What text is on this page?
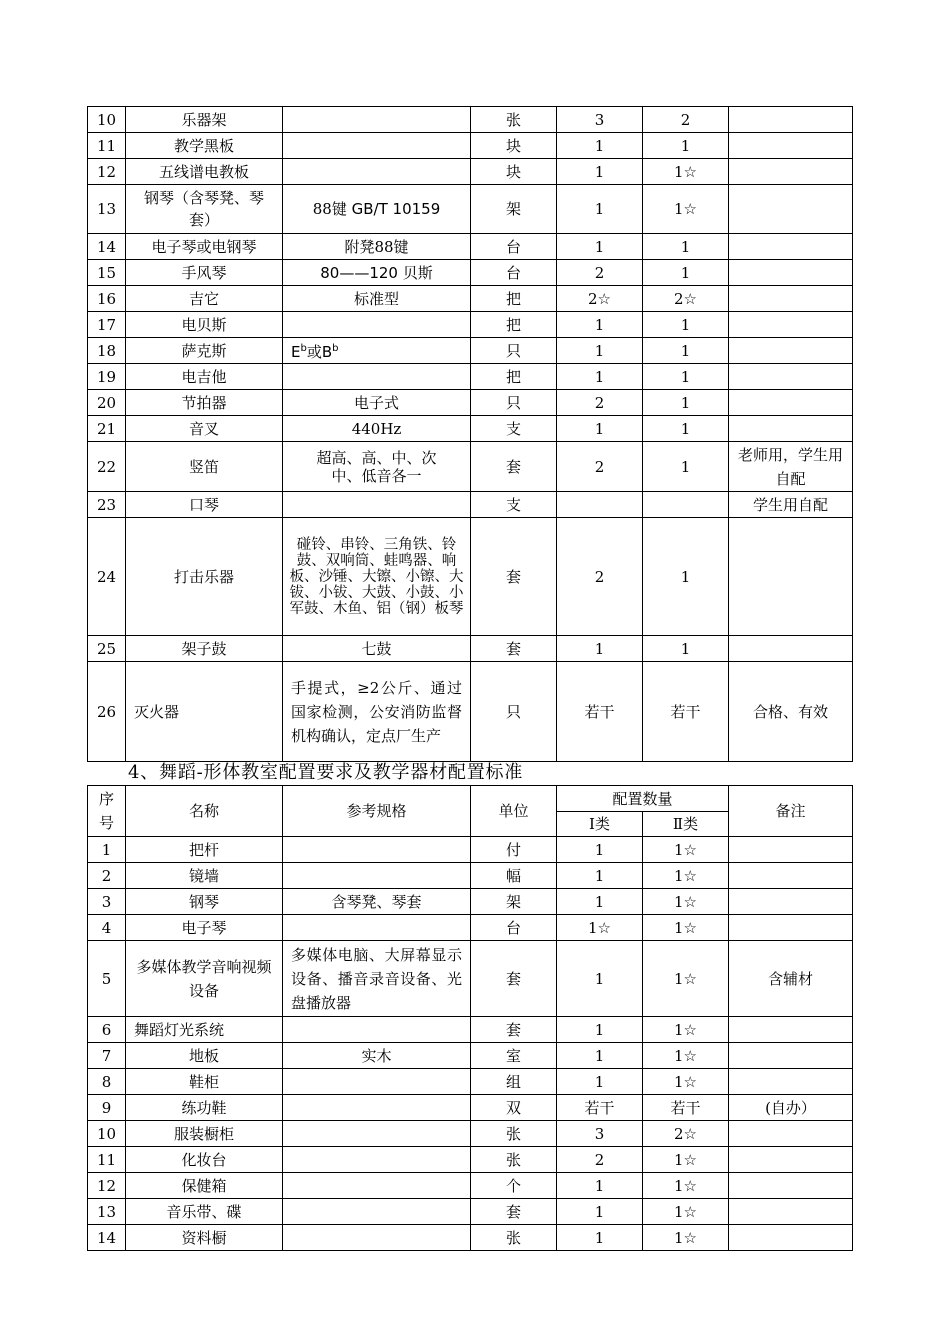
10	乐器架		张	3	2	
11	教学黑板		块	1	1	
12	五线谱电教板		块	1	1☆	
13	钢琴（含琴凳、琴套）	88键 GB/T 10159	架	1	1☆	
14	电子琴或电钢琴	附凳88键	台	1	1	
15	手风琴	80——120 贝斯	台	2	1	
16	吉它	标准型	把	2☆	2☆	
17	电贝斯		把	1	1	
18	萨克斯	$E^b$或$B^b$	只	1	1	
19	电吉他		把	1	1	
20	节拍器	电子式	只	2	1	
21	音叉	440Hz	支	1	1	
22	竖笛	超高、高、中、次中、低音各一	套	2	1	老师用，学生用自配
23	口琴		支			学生用自配
24	打击乐器	碰铃、串铃、三角铁、铃鼓、双响筒、蛙鸣器、响板、沙锤、大镲、小镲、大钹、小钹、大鼓、小鼓、小军鼓、木鱼、铝（钢）板琴	套	2	1	
25	架子鼓	七鼓	套	1	1	
26	灭火器	手提式，≥2公斤、通过国家检测，公安消防监督机构确认，定点厂生产	只	若干	若干	合格、有效
4、舞蹈-形体教室配置要求及教学器材配置标准
序号	名称	参考规格	单位	配置数量		备注
				Ⅰ类	Ⅱ类	
1	把杆		付	1	1☆	
2	镜墙		幅	1	1☆	
3	钢琴	含琴凳、琴套	架	1	1☆	
4	电子琴		台	1☆	1☆	
5	多媒体教学音响视频设备	多媒体电脑、大屏幕显示设备、播音录音设备、光盘播放器	套	1	1☆	含辅材
6	舞蹈灯光系统		套	1	1☆	
7	地板	实木	室	1	1☆	
8	鞋柜		组	1	1☆	
9	练功鞋		双	若干	若干	(自办）
10	服装橱柜		张	3	2☆	
11	化妆台		张	2	1☆	
12	保健箱		个	1	1☆	
13	音乐带、碟		套	1	1☆	
14	资料橱		张	1	1☆	
